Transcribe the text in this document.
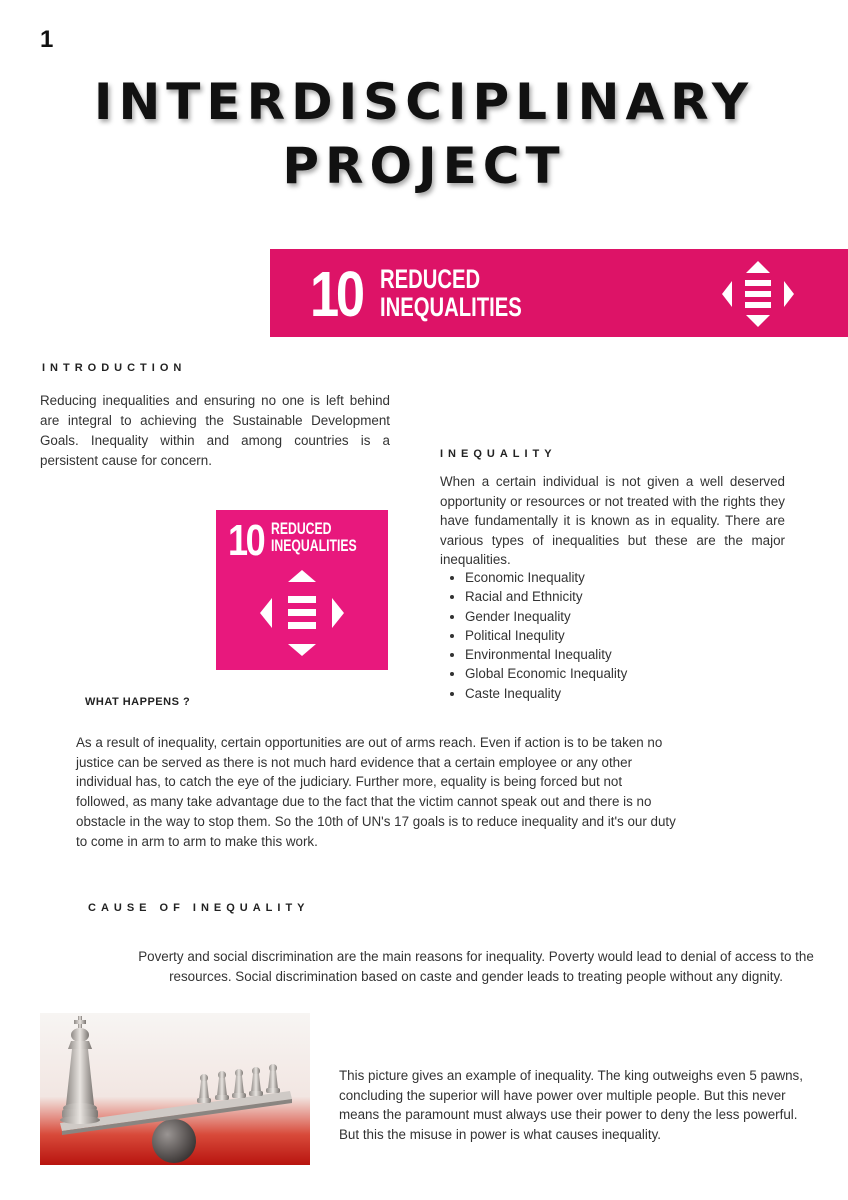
1
INTERDISCIPLINARY PROJECT
10 REDUCED
INEQUALITIES
INTRODUCTION
Reducing inequalities and ensuring no one is left behind are integral to achieving the Sustainable Development Goals. Inequality within and among countries is a persistent cause for concern.	INEQUALITY
When a certain individual is not given a well deserved opportunity or resources or not treated with the rights they have fundamentally it is known as in equality. There are various types of inequalities but these are the major inequalities.
• Economic Inequality
• Racial and Ethnicity
• Gender Inequality
• Political Inequlity
• Environmental Inequality
• Global Economic Inequality
• Caste Inequality
10 REDUCED
INEQUALITIES
WHAT HAPPENS ?
As a result of inequality, certain opportunities are out of arms reach. Even if action is to be taken no justice can be served as there is not much hard evidence that a certain employee or any other individual has, to catch the eye of the judiciary. Further more, equality is being forced but not followed, as many take advantage due to the fact that the victim cannot speak out and there is no obstacle in the way to stop them. So the 10th of UN's 17 goals is to reduce inequality and it's our duty to come in arm to arm to make this work.
CAUSE OF INEQUALITY
Poverty and social discrimination are the main reasons for inequality. Poverty would lead to denial of access to the resources. Social discrimination based on caste and gender leads to treating people without any dignity.
This picture gives an example of inequality. The king outweighs even 5 pawns, concluding the superior will have power over multiple people. But this never means the paramount must always use their power to deny the less powerful. But this the misuse in power is what causes inequality.
